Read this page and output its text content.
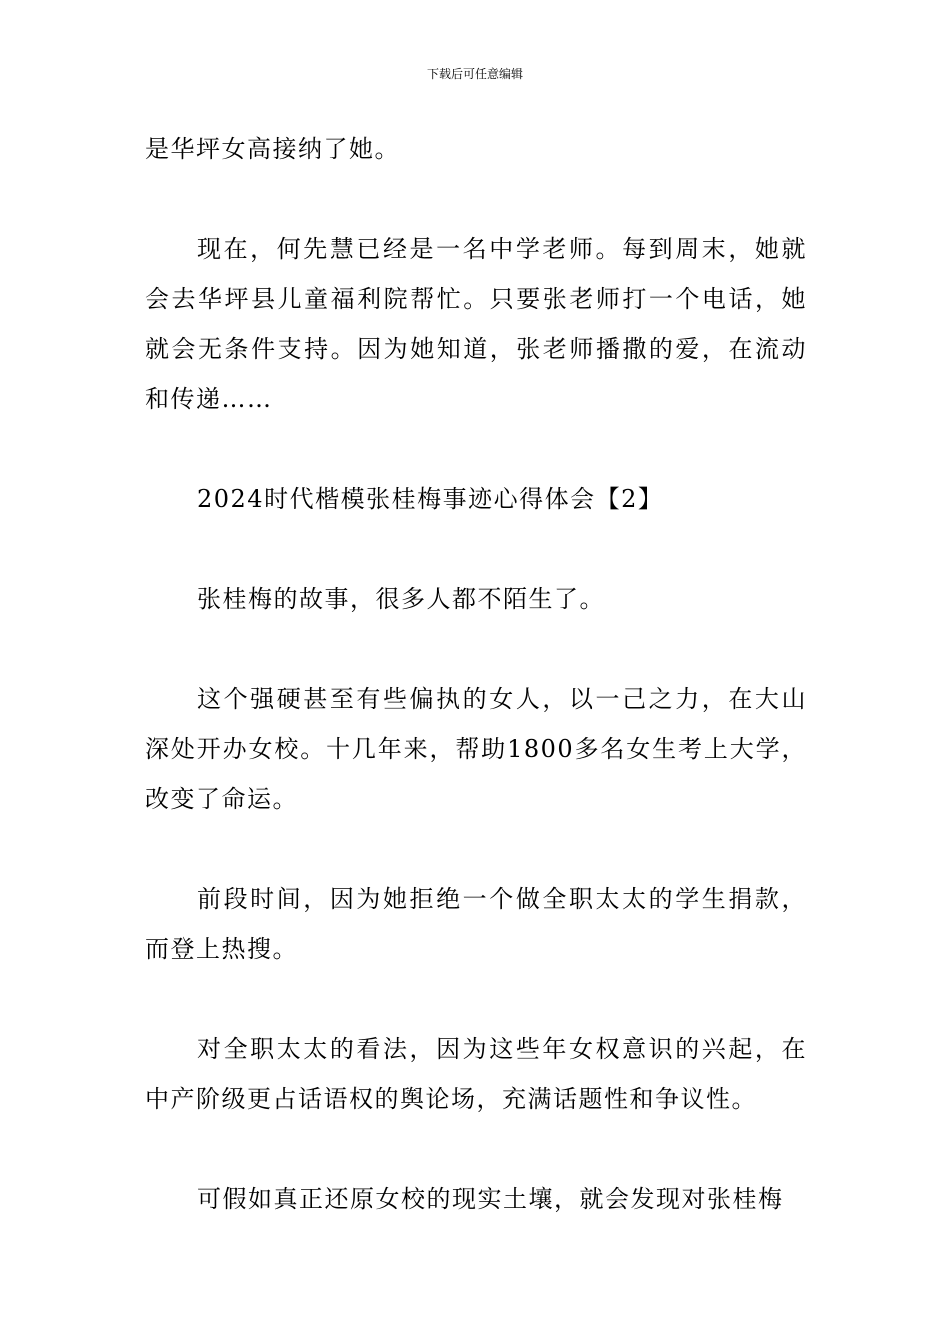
下载后可任意编辑

是华坪女高接纳了她。

现在，何先慧已经是一名中学老师。每到周末，她就会去华坪县儿童福利院帮忙。只要张老师打一个电话，她就会无条件支持。因为她知道，张老师播撒的爱，在流动和传递……

2024时代楷模张桂梅事迹心得体会【2】

张桂梅的故事，很多人都不陌生了。

这个强硬甚至有些偏执的女人，以一己之力，在大山深处开办女校。十几年来，帮助1800多名女生考上大学，改变了命运。

前段时间，因为她拒绝一个做全职太太的学生捐款，而登上热搜。

对全职太太的看法，因为这些年女权意识的兴起，在中产阶级更占话语权的舆论场，充满话题性和争议性。

可假如真正还原女校的现实土壤，就会发现对张桂梅
